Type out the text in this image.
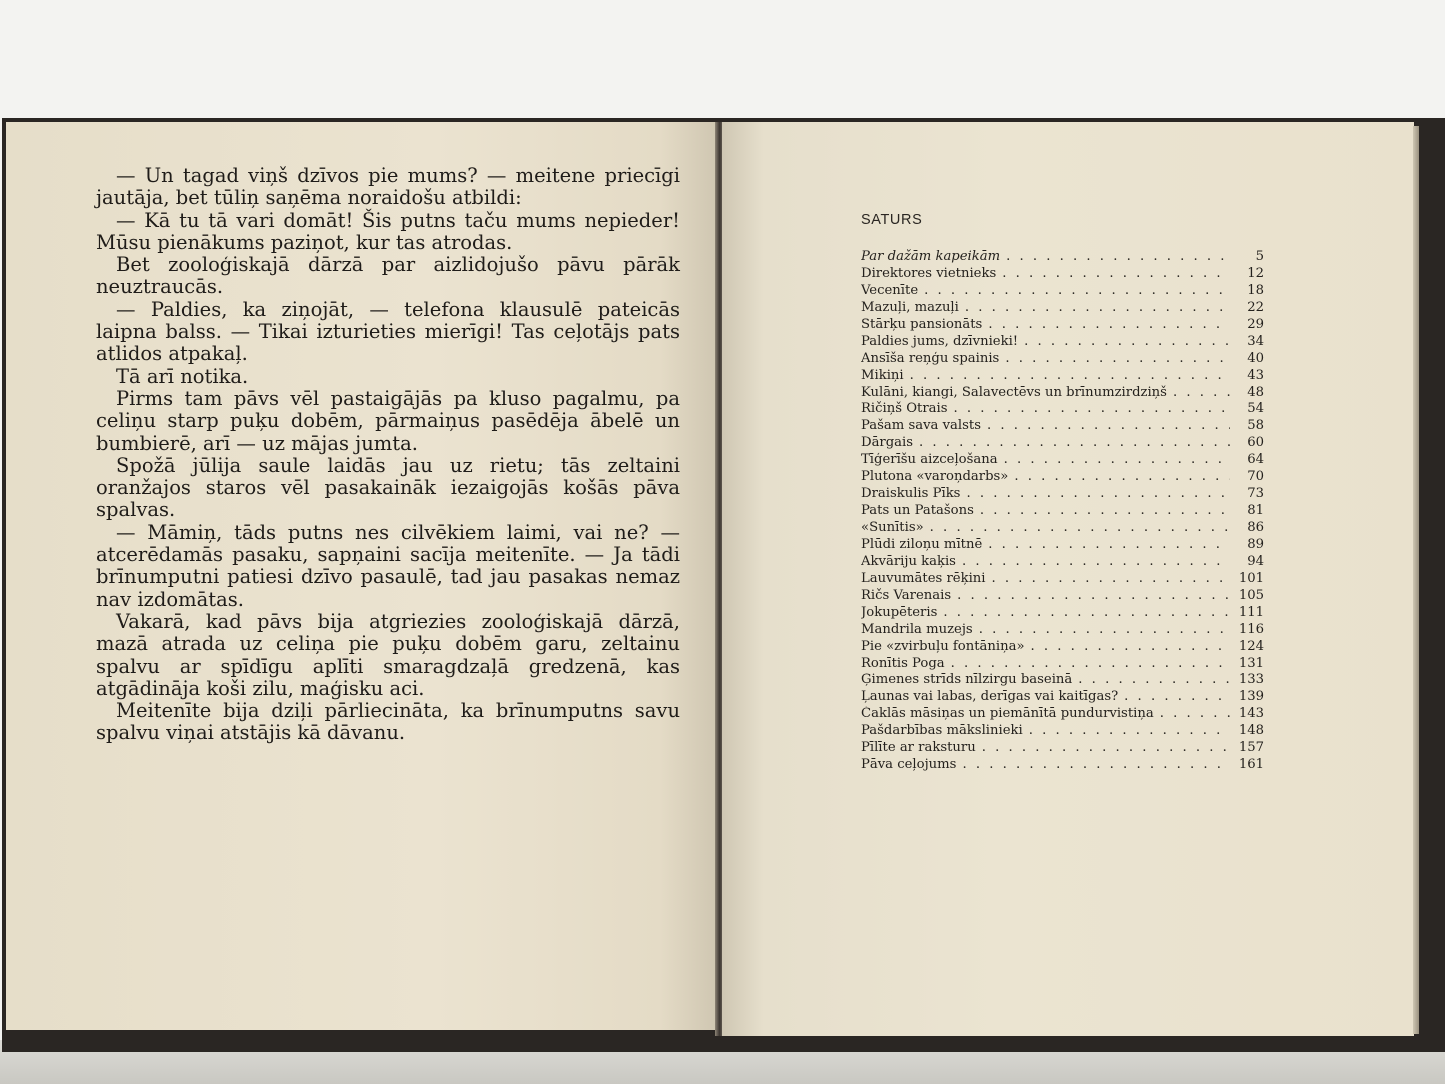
— Un tagad viņš dzīvos pie mums? — meitene priecīgi jautāja, bet tūliņ saņēma noraidošu atbildi:

— Kā tu tā vari domāt! Šis putns taču mums nepieder! Mūsu pienākums paziņot, kur tas atrodas.

Bet zooloģiskajā dārzā par aizlidojušo pāvu pārāk neuztraucās.

— Paldies, ka ziņojāt, — telefona klausulē pateicās laipna balss. — Tikai izturieties mierīgi! Tas ceļotājs pats atlidos atpakaļ.

Tā arī notika.

Pirms tam pāvs vēl pastaigājās pa kluso pagalmu, pa celiņu starp puķu dobēm, pārmaiņus pasēdēja ābelē un bumbierē, arī — uz mājas jumta.

Spožā jūlija saule laidās jau uz rietu; tās zeltaini oranžajos staros vēl pasakaināk iezaigojās košās pāva spalvas.

— Māmiņ, tāds putns nes cilvēkiem laimi, vai ne? — atcerēdamās pasaku, sapņaini sacīja meitenīte. — Ja tādi brīnumputni patiesi dzīvo pasaulē, tad jau pasakas nemaz nav izdomātas.

Vakarā, kad pāvs bija atgriezies zooloģiskajā dārzā, mazā atrada uz celiņa pie puķu dobēm garu, zeltainu spalvu ar spīdīgu aplīti smaragdzaļā gredzenā, kas atgādināja koši zilu, maģisku aci.

Meitenīte bija dziļi pārliecināta, ka brīnumputns savu spalvu viņai atstājis kā dāvanu.

SATURS
Par dažām kapeikām . . .	5
Direktores vietnieks . . .	12
Vecenīte . . .	18
Mazuļi, mazuļi . . .	22
Stārķu pansionāts . . .	29
Paldies jums, dzīvnieki! . . .	34
Ansīša reņģu spainis . . .	40
Mikiņi . . .	43
Kulāni, kiangi, Salavectēvs un brīnumzirdziņš . . .	48
Ričiņš Otrais . . .	54
Pašam sava valsts . . .	58
Dārgais . . .	60
Tīģerīšu aizceļošana . . .	64
Plutona «varoņdarbs» . . .	70
Draiskulis Pīks . . .	73
Pats un Patašons . . .	81
«Sunītis» . . .	86
Plūdi ziloņu mītnē . . .	89
Akvāriju kaķis . . .	94
Lauvumātes rēķini . . .	101
Ričs Varenais . . .	105
Jokupēteris . . .	111
Mandrila muzejs . . .	116
Pie «zvirbuļu fontāniņa» . . .	124
Ronītis Poga . . .	131
Ģimenes strīds nīlzirgu baseinā . . .	133
Ļaunas vai labas, derīgas vai kaitīgas? . . .	139
Čaklās māsiņas un piemānītā pundurvistiņa . . .	143
Pašdarbības mākslinieki . . .	148
Pīlīte ar raksturu . . .	157
Pāva ceļojums . . .	161
